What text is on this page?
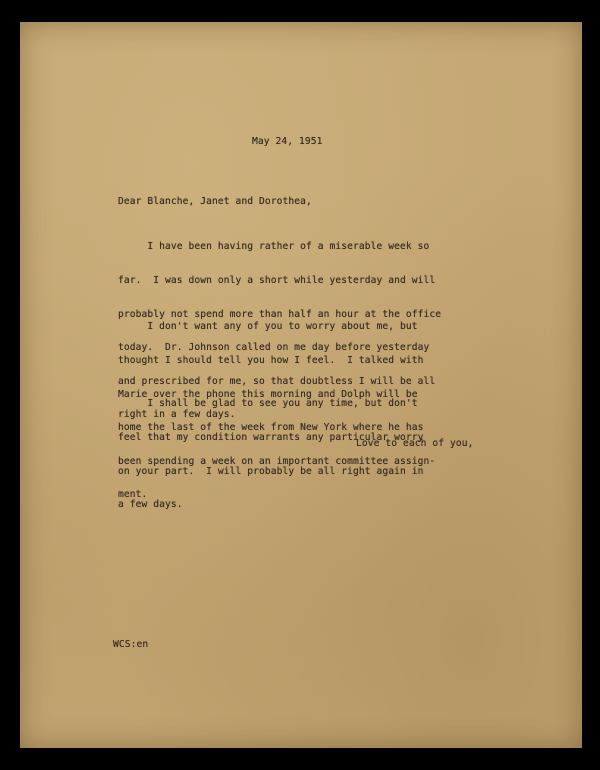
May 24, 1951
Dear Blanche, Janet and Dorothea,

I have been having rather of a miserable week so

far.  I was down only a short while yesterday and will

probably not spend more than half an hour at the office

today.  Dr. Johnson called on me day before yesterday

and prescribed for me, so that doubtless I will be all

right in a few days.

I don't want any of you to worry about me, but

thought I should tell you how I feel.  I talked with

Marie over the phone this morning and Dolph will be

home the last of the week from New York where he has

been spending a week on an important committee assign-

ment.

I shall be glad to see you any time, but don't

feel that my condition warrants any particular worry

on your part.  I will probably be all right again in

a few days.

Love to each of you,
WCS:en
